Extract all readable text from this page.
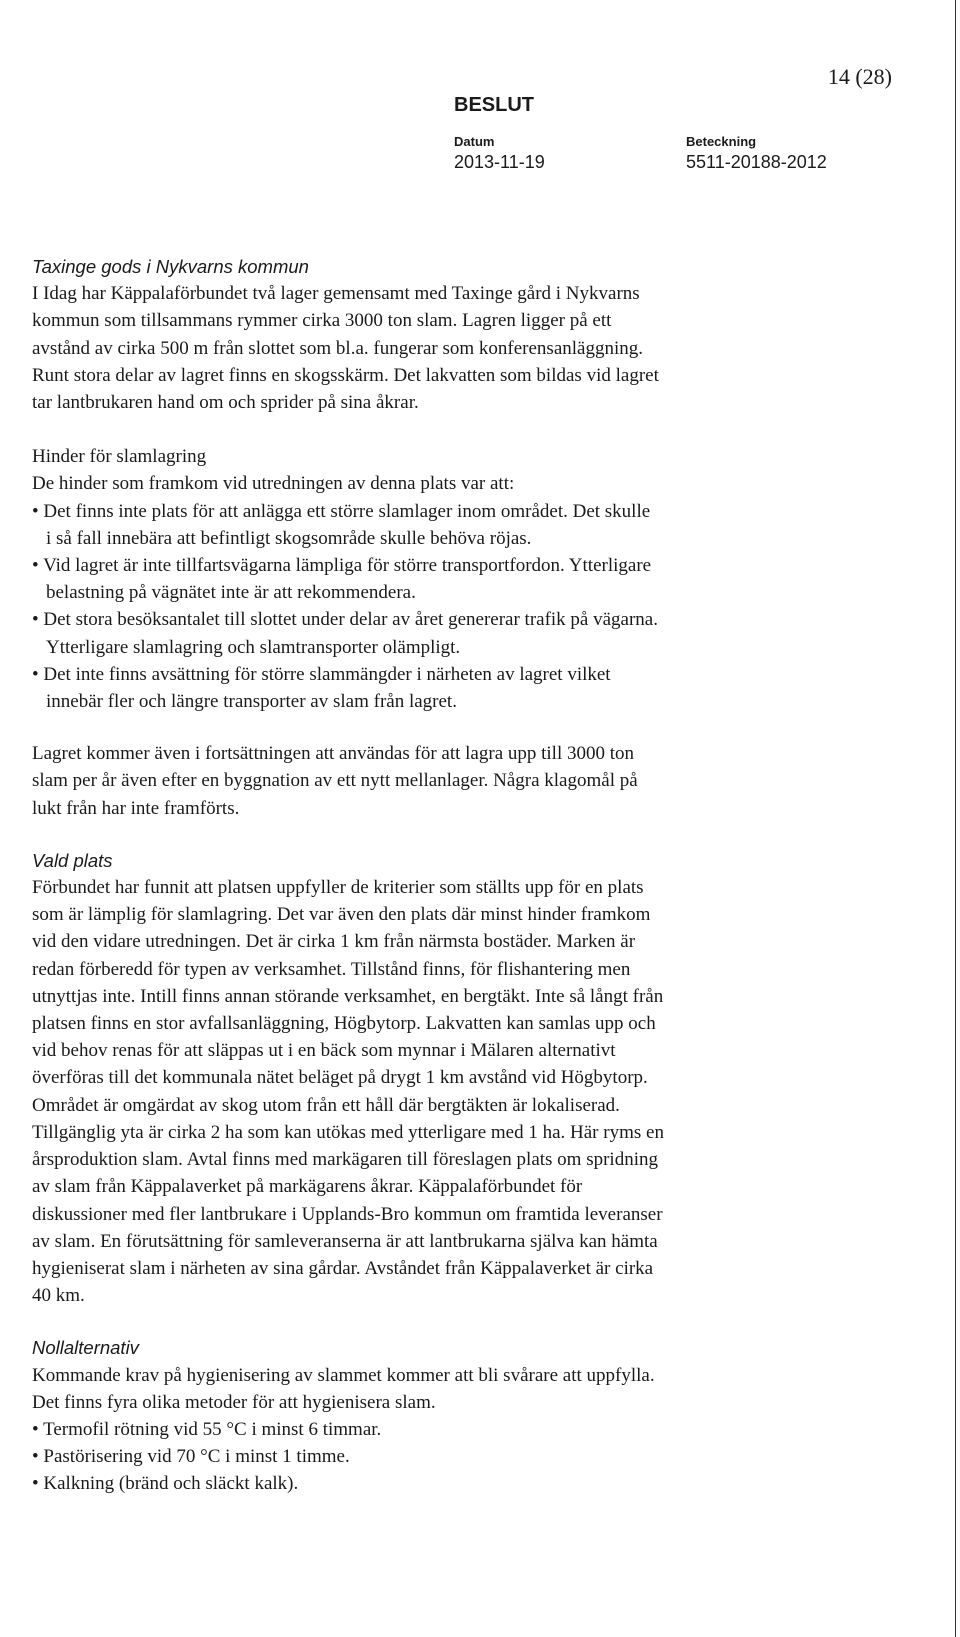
14 (28)
BESLUT
Datum
2013-11-19
Beteckning
5511-20188-2012

Taxinge gods i Nykvarns kommun

I Idag har Käppalaförbundet två lager gemensamt med Taxinge gård i Nykvarns

kommun som tillsammans rymmer cirka 3000 ton slam. Lagren ligger på ett

avstånd av cirka 500 m från slottet som bl.a. fungerar som konferensanläggning.

Runt stora delar av lagret finns en skogsskärm. Det lakvatten som bildas vid lagret

tar lantbrukaren hand om och sprider på sina åkrar.

Hinder för slamlagring

De hinder som framkom vid utredningen av denna plats var att:

• Det finns inte plats för att anlägga ett större slamlager inom området. Det skulle
i så fall innebära att befintligt skogsområde skulle behöva röjas.
• Vid lagret är inte tillfartsvägarna lämpliga för större transportfordon. Ytterligare
belastning på vägnätet inte är att rekommendera.
• Det stora besöksantalet till slottet under delar av året genererar trafik på vägarna.
Ytterligare slamlagring och slamtransporter olämpligt.
• Det inte finns avsättning för större slammängder i närheten av lagret vilket
innebär fler och längre transporter av slam från lagret.

Lagret kommer även i fortsättningen att användas för att lagra upp till 3000 ton

slam per år även efter en byggnation av ett nytt mellanlager. Några klagomål på

lukt från har inte framförts.

Vald plats

Förbundet har funnit att platsen uppfyller de kriterier som ställts upp för en plats

som är lämplig för slamlagring. Det var även den plats där minst hinder framkom

vid den vidare utredningen. Det är cirka 1 km från närmsta bostäder. Marken är

redan förberedd för typen av verksamhet. Tillstånd finns, för flishantering men

utnyttjas inte. Intill finns annan störande verksamhet, en bergtäkt. Inte så långt från

platsen finns en stor avfallsanläggning, Högbytorp. Lakvatten kan samlas upp och

vid behov renas för att släppas ut i en bäck som mynnar i Mälaren alternativt

överföras till det kommunala nätet beläget på drygt 1 km avstånd vid Högbytorp.

Området är omgärdat av skog utom från ett håll där bergtäkten är lokaliserad.

Tillgänglig yta är cirka 2 ha som kan utökas med ytterligare med 1 ha. Här ryms en

årsproduktion slam. Avtal finns med markägaren till föreslagen plats om spridning

av slam från Käppalaverket på markägarens åkrar. Käppalaförbundet för

diskussioner med fler lantbrukare i Upplands-Bro kommun om framtida leveranser

av slam. En förutsättning för samleveranserna är att lantbrukarna själva kan hämta

hygieniserat slam i närheten av sina gårdar. Avståndet från Käppalaverket är cirka

40 km.

Nollalternativ

Kommande krav på hygienisering av slammet kommer att bli svårare att uppfylla.

Det finns fyra olika metoder för att hygienisera slam.

• Termofil rötning vid 55 °C i minst 6 timmar.
• Pastörisering vid 70 °C i minst 1 timme.
• Kalkning (bränd och släckt kalk).
